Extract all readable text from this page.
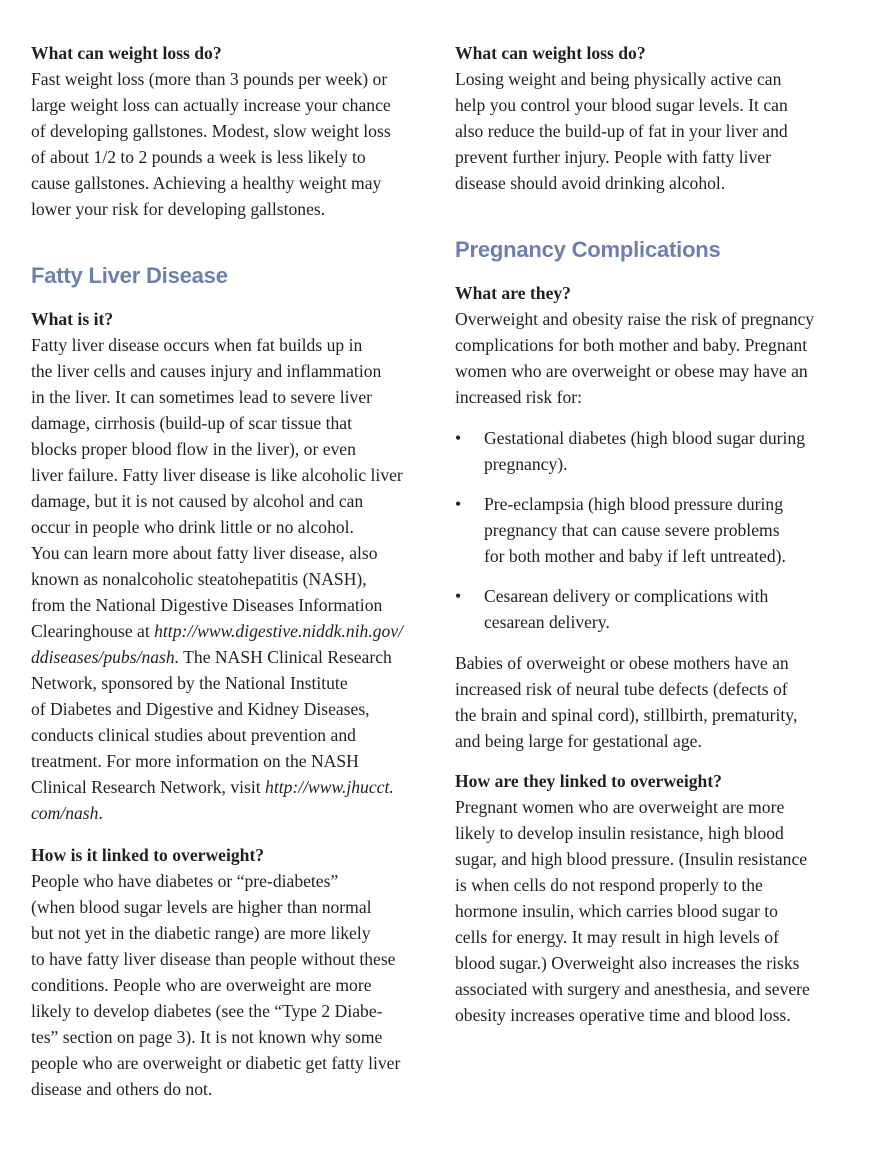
What can weight loss do?

Fast weight loss (more than 3 pounds per week) or
large weight loss can actually increase your chance
of developing gallstones. Modest, slow weight loss
of about 1/2 to 2 pounds a week is less likely to
cause gallstones. Achieving a healthy weight may
lower your risk for developing gallstones.
Fatty Liver Disease

What is it?

Fatty liver disease occurs when fat builds up in
the liver cells and causes injury and inflammation
in the liver. It can sometimes lead to severe liver
damage, cirrhosis (build-up of scar tissue that
blocks proper blood flow in the liver), or even
liver failure. Fatty liver disease is like alcoholic liver
damage, but it is not caused by alcohol and can
occur in people who drink little or no alcohol.
You can learn more about fatty liver disease, also
known as nonalcoholic steatohepatitis (NASH),
from the National Digestive Diseases Information
Clearinghouse at http://www.digestive.niddk.nih.gov/
ddiseases/pubs/nash. The NASH Clinical Research
Network, sponsored by the National Institute
of Diabetes and Digestive and Kidney Diseases,
conducts clinical studies about prevention and
treatment. For more information on the NASH
Clinical Research Network, visit http://www.jhucct.
com/nash.

How is it linked to overweight?

People who have diabetes or “pre-diabetes”
(when blood sugar levels are higher than normal
but not yet in the diabetic range) are more likely
to have fatty liver disease than people without these
conditions. People who are overweight are more
likely to develop diabetes (see the “Type 2 Diabe-
tes” section on page 3). It is not known why some
people who are overweight or diabetic get fatty liver
disease and others do not.

What can weight loss do?

Losing weight and being physically active can
help you control your blood sugar levels. It can
also reduce the build-up of fat in your liver and
prevent further injury. People with fatty liver
disease should avoid drinking alcohol.
Pregnancy Complications

What are they?

Overweight and obesity raise the risk of pregnancy
complications for both mother and baby. Pregnant
women who are overweight or obese may have an
increased risk for:
• Gestational diabetes (high blood sugar during
pregnancy).
• Pre-eclampsia (high blood pressure during
pregnancy that can cause severe problems
for both mother and baby if left untreated).
• Cesarean delivery or complications with
cesarean delivery.
Babies of overweight or obese mothers have an
increased risk of neural tube defects (defects of
the brain and spinal cord), stillbirth, prematurity,
and being large for gestational age.

How are they linked to overweight?

Pregnant women who are overweight are more
likely to develop insulin resistance, high blood
sugar, and high blood pressure. (Insulin resistance
is when cells do not respond properly to the
hormone insulin, which carries blood sugar to
cells for energy. It may result in high levels of
blood sugar.) Overweight also increases the risks
associated with surgery and anesthesia, and severe
obesity increases operative time and blood loss.
